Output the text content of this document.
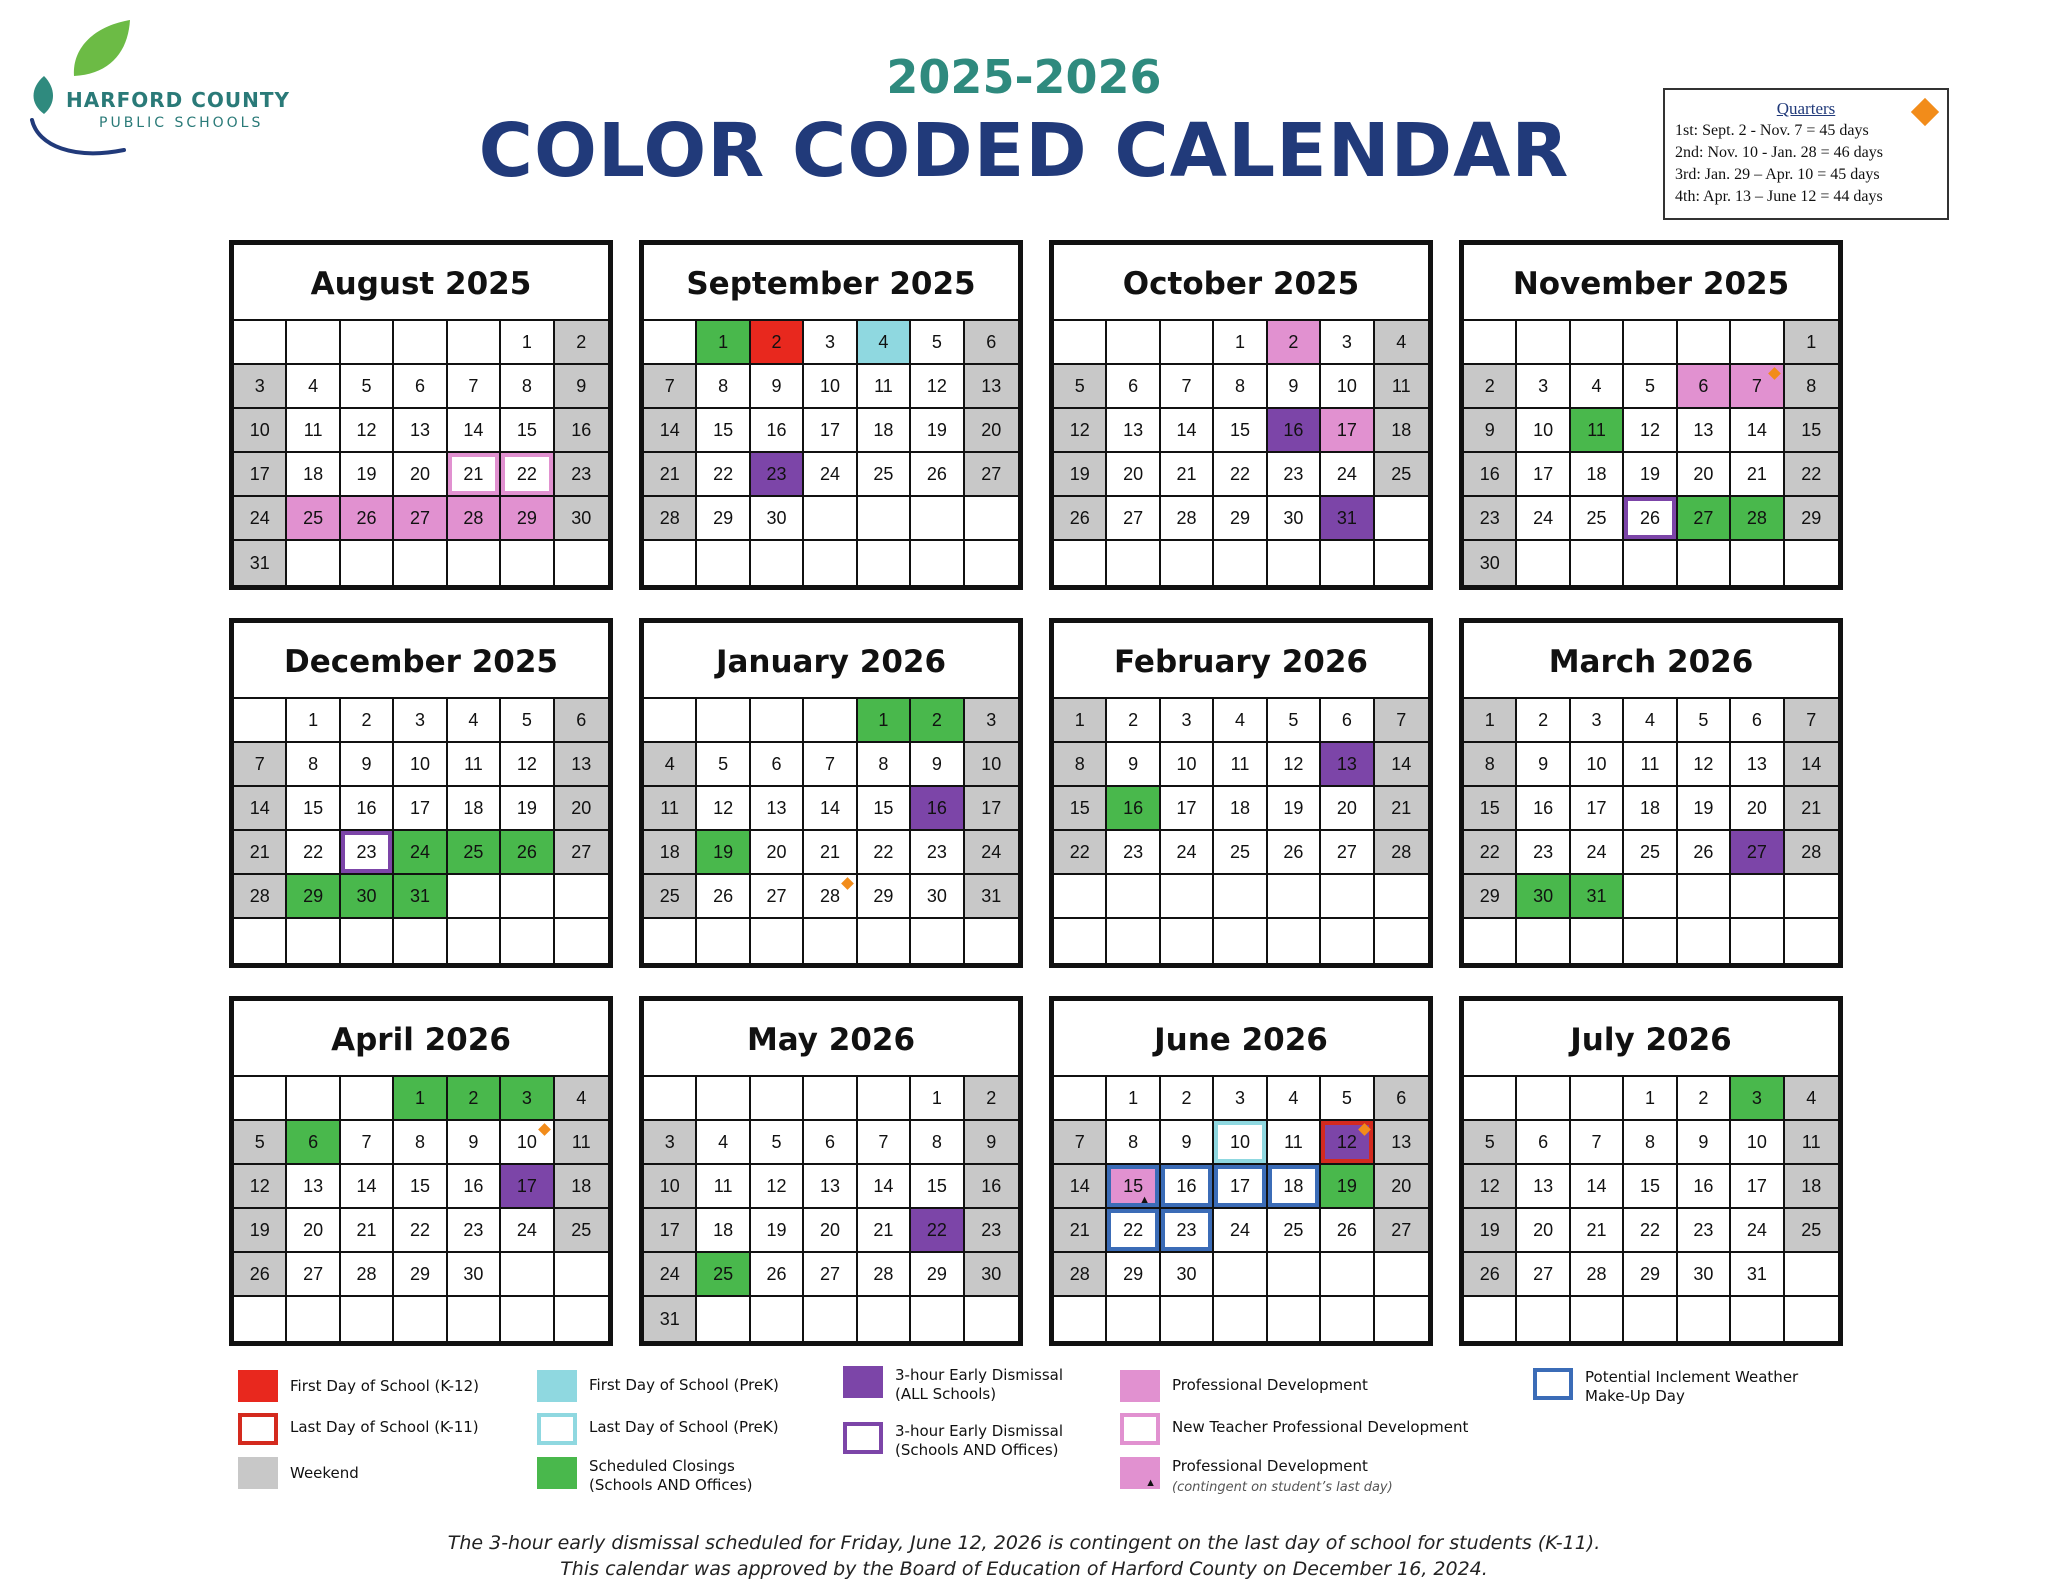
HARFORD COUNTY
PUBLIC SCHOOLS
2025-2026
COLOR CODED CALENDAR	Quarters
1st: Sept. 2 - Nov. 7 = 45 days
2nd: Nov. 10 - Jan. 28 = 46 days
3rd: Jan. 29 – Apr. 10 = 45 days
4th: Apr. 13 – June 12 = 44 days
August 2025
1	2
3	4	5	6	7	8	9
10	11	12	13	14	15	16
17	18	19	20	21	22	23
24	25	26	27	28	29	30
31
September 2025
1	2	3	4	5	6
7	8	9	10	11	12	13
14	15	16	17	18	19	20
21	22	23	24	25	26	27
28	29	30
October 2025
1	2	3	4
5	6	7	8	9	10	11
12	13	14	15	16	17	18
19	20	21	22	23	24	25
26	27	28	29	30	31
November 2025
1
2	3	4	5	6	7	8
9	10	11	12	13	14	15
16	17	18	19	20	21	22
23	24	25	26	27	28	29
30
December 2025
1	2	3	4	5	6
7	8	9	10	11	12	13
14	15	16	17	18	19	20
21	22	23	24	25	26	27
28	29	30	31
January 2026
1	2	3
4	5	6	7	8	9	10
11	12	13	14	15	16	17
18	19	20	21	22	23	24
25	26	27	28	29	30	31
February 2026
1	2	3	4	5	6	7
8	9	10	11	12	13	14
15	16	17	18	19	20	21
22	23	24	25	26	27	28
March 2026
1	2	3	4	5	6	7
8	9	10	11	12	13	14
15	16	17	18	19	20	21
22	23	24	25	26	27	28
29	30	31
April 2026
1	2	3	4
5	6	7	8	9	10	11
12	13	14	15	16	17	18
19	20	21	22	23	24	25
26	27	28	29	30
May 2026
1	2
3	4	5	6	7	8	9
10	11	12	13	14	15	16
17	18	19	20	21	22	23
24	25	26	27	28	29	30
31
June 2026
1	2	3	4	5	6
7	8	9	10	11	12	13
14
▲	15	16	17	18	19	20
21	22	23	24	25	26	27
28	29	30
July 2026
1	2	3	4
5	6	7	8	9	10	11
12	13	14	15	16	17	18
19	20	21	22	23	24	25
26	27	28	29	30	31
First Day of School (K-12)
Last Day of School (K-11)
Weekend
First Day of School (PreK)
Last Day of School (PreK)
Scheduled Closings
(Schools AND Offices)
3-hour Early Dismissal
(ALL Schools)
3-hour Early Dismissal
(Schools AND Offices)
Professional Development
New Teacher Professional Development
▲
Professional Development
(contingent on student’s last day)
Potential Inclement Weather
Make-Up Day
The 3-hour early dismissal scheduled for Friday, June 12, 2026 is contingent on the last day of school for students (K-11).
This calendar was approved by the Board of Education of Harford County on December 16, 2024.
